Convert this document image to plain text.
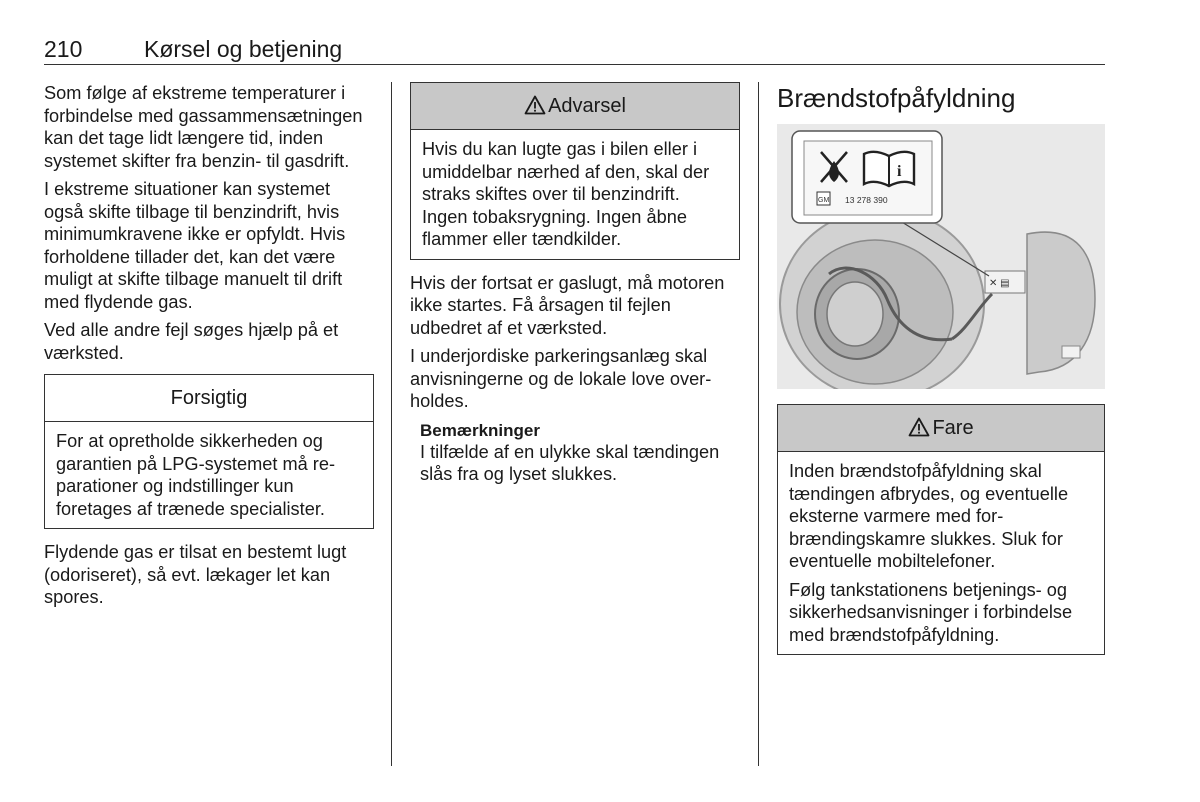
210	Kørsel og betjening

Som følge af ekstreme temperaturer i forbindelse med gassammensætningen kan det tage lidt længere tid, inden systemet skifter fra benzin- til gasdrift.

I ekstreme situationer kan systemet også skifte tilbage til benzindrift, hvis minimumkravene ikke er opfyldt. Hvis forholdene tillader det, kan det være muligt at skifte tilbage manuelt til drift med flydende gas.

Ved alle andre fejl søges hjælp på et værksted.

Forsigtig

For at opretholde sikkerheden og garantien på LPG-systemet må reparationer og indstillinger kun foretages af trænede specialister.

Flydende gas er tilsat en bestemt lugt (odoriseret), så evt. lækager let kan spores.

Advarsel

Hvis du kan lugte gas i bilen eller i umiddelbar nærhed af den, skal der straks skiftes over til benzindrift. Ingen tobaksrygning. Ingen åbne flammer eller tændkilder.

Hvis der fortsat er gaslugt, må motoren ikke startes. Få årsagen til fejlen udbedret af et værksted.

I underjordiske parkeringsanlæg skal anvisningerne og de lokale love overholdes.

Bemærkninger
I tilfælde af en ulykke skal tændingen slås fra og lyset slukkes.
Brændstofpåfyldning
✕ ▤
i
GM 13 278 390
Fare

Inden brændstofpåfyldning skal tændingen afbrydes, og eventuelle eksterne varmere med forbrændingskamre slukkes. Sluk for eventuelle mobiltelefoner.

Følg tankstationens betjenings- og sikkerhedsanvisninger i forbindelse med brændstofpåfyldning.
